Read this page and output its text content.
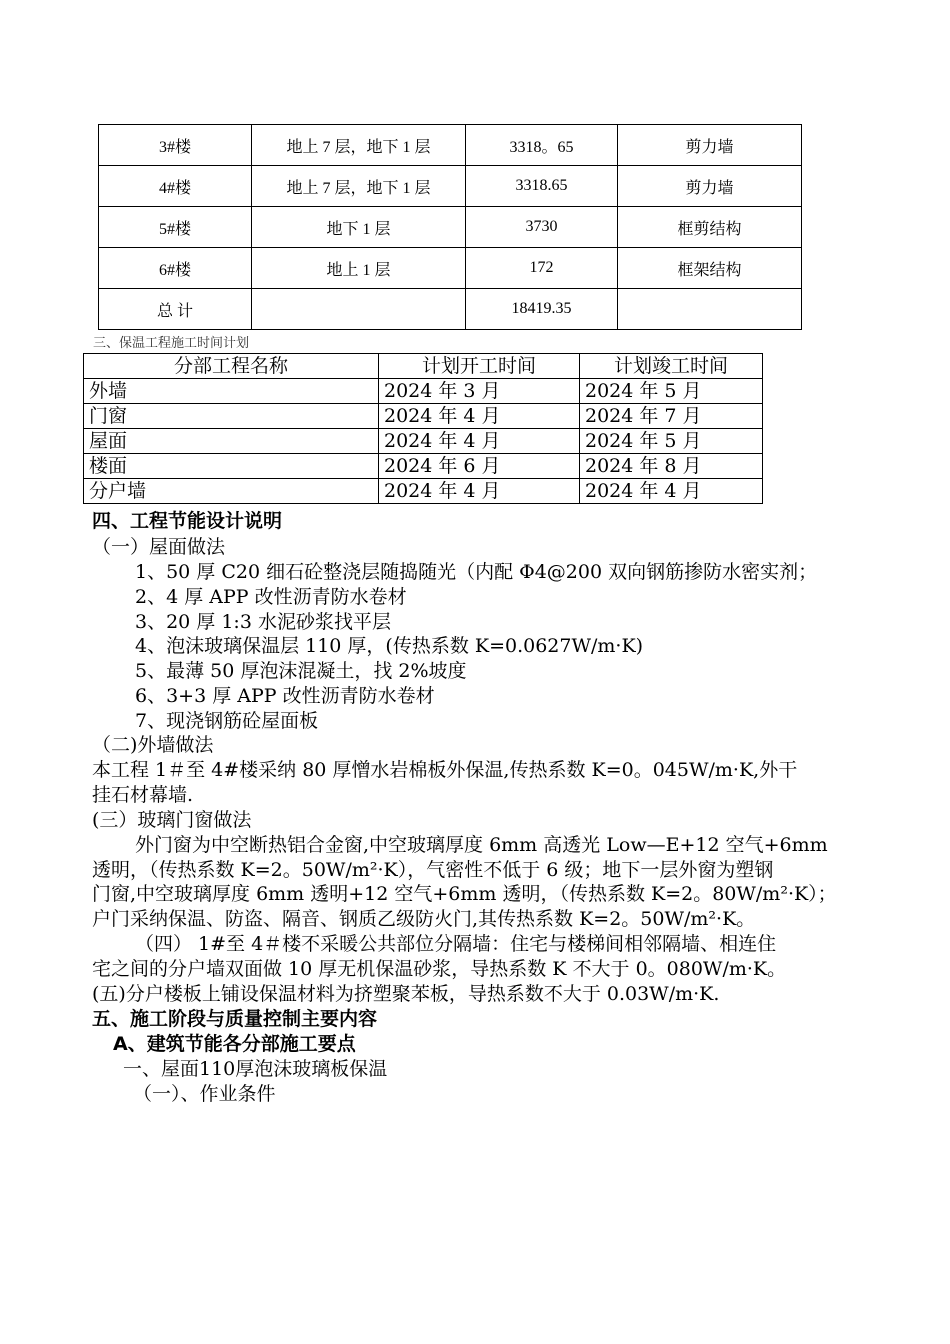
3#楼	地上 7 层，地下 1 层	3318。65	剪力墙
4#楼	地上 7 层，地下 1 层	3318.65	剪力墙
5#楼	地下 1 层	3730	框剪结构
6#楼	地上 1 层	172	框架结构
总 计		18419.35	
三、保温工程施工时间计划
分部工程名称	计划开工时间	计划竣工时间
外墙	2024 年 3 月	2024 年 5 月
门窗	2024 年 4 月	2024 年 7 月
屋面	2024 年 4 月	2024 年 5 月
楼面	2024 年 6 月	2024 年 8 月
分户墙	2024 年 4 月	2024 年 4 月
四、工程节能设计说明
（一）屋面做法
1、50 厚 C20 细石砼整浇层随捣随光（内配 Φ4@200 双向钢筋掺防水密实剂；
2、4 厚 APP 改性沥青防水卷材
3、20 厚 1:3 水泥砂浆找平层
4、泡沫玻璃保温层 110 厚，(传热系数 K=0.0627W/m·K)
5、最薄 50 厚泡沫混凝土，找 2%坡度
6、3+3 厚 APP 改性沥青防水卷材
7、现浇钢筋砼屋面板
（二)外墙做法
本工程 1＃至 4#楼采纳 80 厚憎水岩棉板外保温,传热系数 K=0。045W/m·K,外干
挂石材幕墙.
(三）玻璃门窗做法
外门窗为中空断热铝合金窗,中空玻璃厚度 6mm 高透光 Low—E+12 空气+6mm
透明，（传热系数 K=2。50W/m²·K），气密性不低于 6 级；地下一层外窗为塑钢
门窗,中空玻璃厚度 6mm 透明+12 空气+6mm 透明，（传热系数 K=2。80W/m²·K）；
户门采纳保温、防盗、隔音、钢质乙级防火门,其传热系数 K=2。50W/m²·K。
（四） 1#至 4＃楼不采暖公共部位分隔墙：住宅与楼梯间相邻隔墙、相连住
宅之间的分户墙双面做 10 厚无机保温砂浆，导热系数 K 不大于 0。080W/m·K。
(五)分户楼板上铺设保温材料为挤塑聚苯板，导热系数不大于 0.03W/m·K.
五、施工阶段与质量控制主要内容
A、建筑节能各分部施工要点
一、屋面110厚泡沫玻璃板保温
（一）、作业条件
